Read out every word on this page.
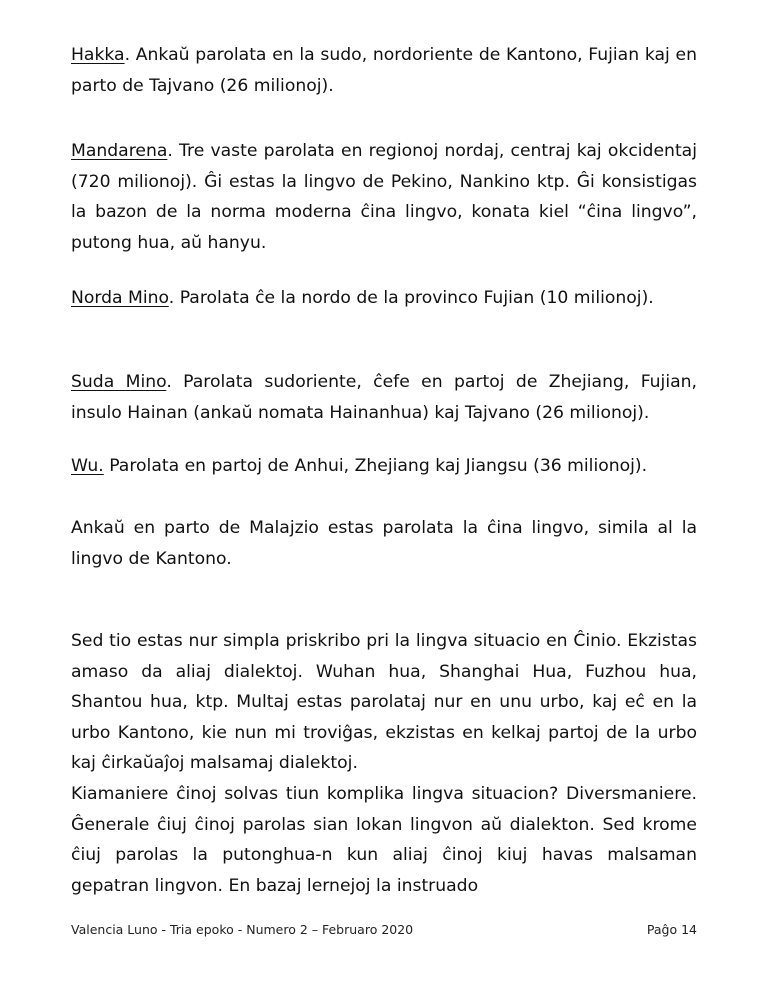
Hakka. Ankaŭ parolata en la sudo, nordoriente de Kantono, Fujian kaj en parto de Tajvano (26 milionoj).

Mandarena. Tre vaste parolata en regionoj nordaj, centraj kaj okcidentaj (720 milionoj). Ĝi estas la lingvo de Pekino, Nankino ktp. Ĝi konsistigas la bazon de la norma moderna ĉina lingvo, konata kiel “ĉina lingvo”, putong hua, aŭ hanyu.

Norda Mino. Parolata ĉe la nordo de la provinco Fujian (10 milionoj).

Suda Mino. Parolata sudoriente, ĉefe en partoj de Zhejiang, Fujian, insulo Hainan (ankaŭ nomata Hainanhua) kaj Tajvano (26 milionoj).

Wu. Parolata en partoj de Anhui, Zhejiang kaj Jiangsu (36 milionoj).

Ankaŭ en parto de Malajzio estas parolata la ĉina lingvo, simila al la lingvo de Kantono.

Sed tio estas nur simpla priskribo pri la lingva situacio en Ĉinio. Ekzistas amaso da aliaj dialektoj. Wuhan hua, Shanghai Hua, Fuzhou hua, Shantou hua, ktp. Multaj estas parolataj nur en unu urbo, kaj eĉ en la urbo Kantono, kie nun mi troviĝas, ekzistas en kelkaj partoj de la urbo kaj ĉirkaŭaĵoj malsamaj dialektoj.

Kiamaniere ĉinoj solvas tiun komplika lingva situacion? Diversmaniere. Ĝenerale ĉiuj ĉinoj parolas sian lokan lingvon aŭ dialekton. Sed krome ĉiuj parolas la putonghua-n kun aliaj ĉinoj kiuj havas malsaman gepatran lingvon. En bazaj lernejoj la instruado

Valencia Luno - Tria epoko - Numero 2 – Februaro 2020	Paĝo 14
